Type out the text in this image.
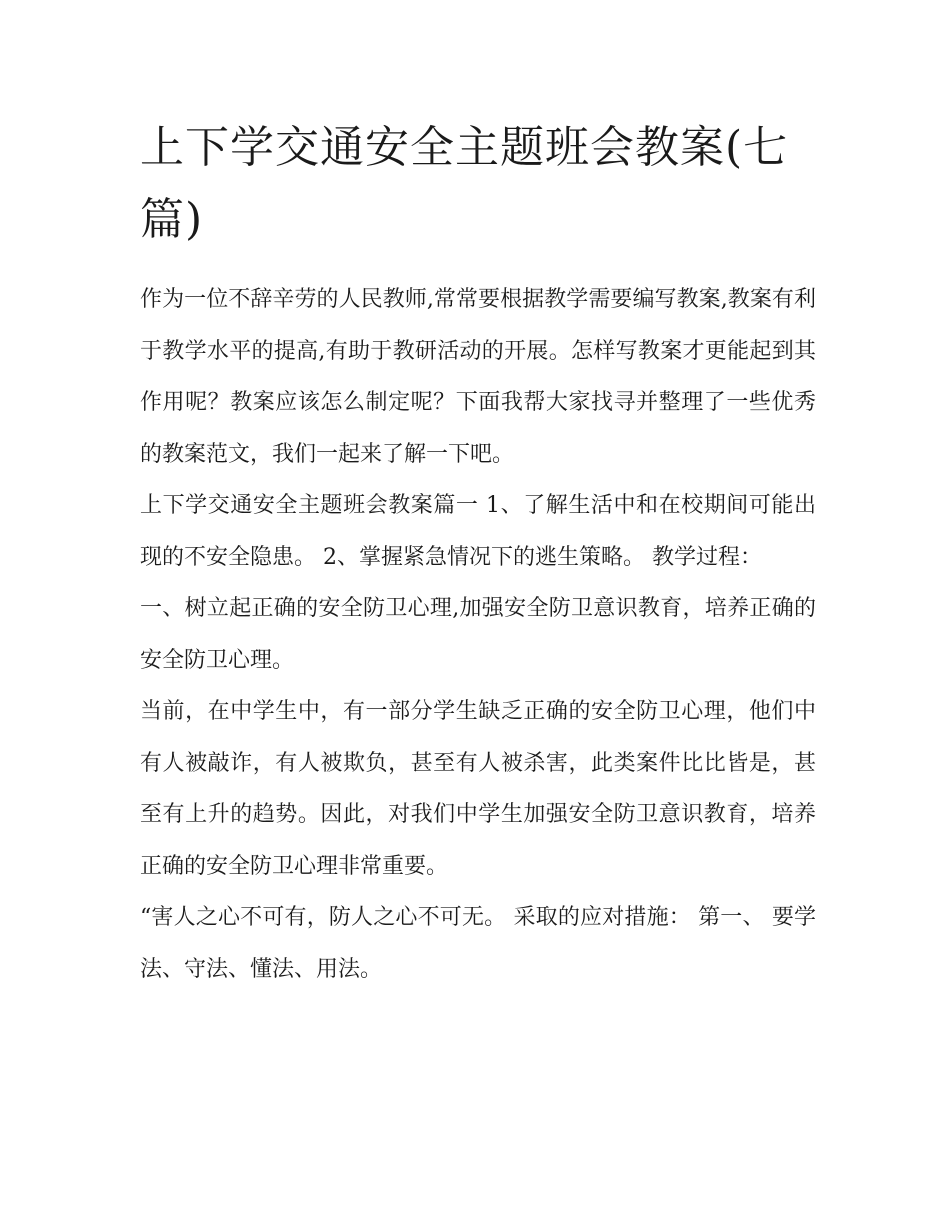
上下学交通安全主题班会教案(七篇)

作为一位不辞辛劳的人民教师,常常要根据教学需要编写教案,教案有利于教学水平的提高,有助于教研活动的开展。怎样写教案才更能起到其作用呢？教案应该怎么制定呢？下面我帮大家找寻并整理了一些优秀的教案范文，我们一起来了解一下吧。

上下学交通安全主题班会教案篇一 1、了解生活中和在校期间可能出现的不安全隐患。 2、掌握紧急情况下的逃生策略。 教学过程：

一、树立起正确的安全防卫心理,加强安全防卫意识教育，培养正确的安全防卫心理。

当前，在中学生中，有一部分学生缺乏正确的安全防卫心理，他们中有人被敲诈，有人被欺负，甚至有人被杀害，此类案件比比皆是，甚至有上升的趋势。因此，对我们中学生加强安全防卫意识教育，培养正确的安全防卫心理非常重要。

“害人之心不可有，防人之心不可无。 采取的应对措施： 第一、 要学法、守法、懂法、用法。
